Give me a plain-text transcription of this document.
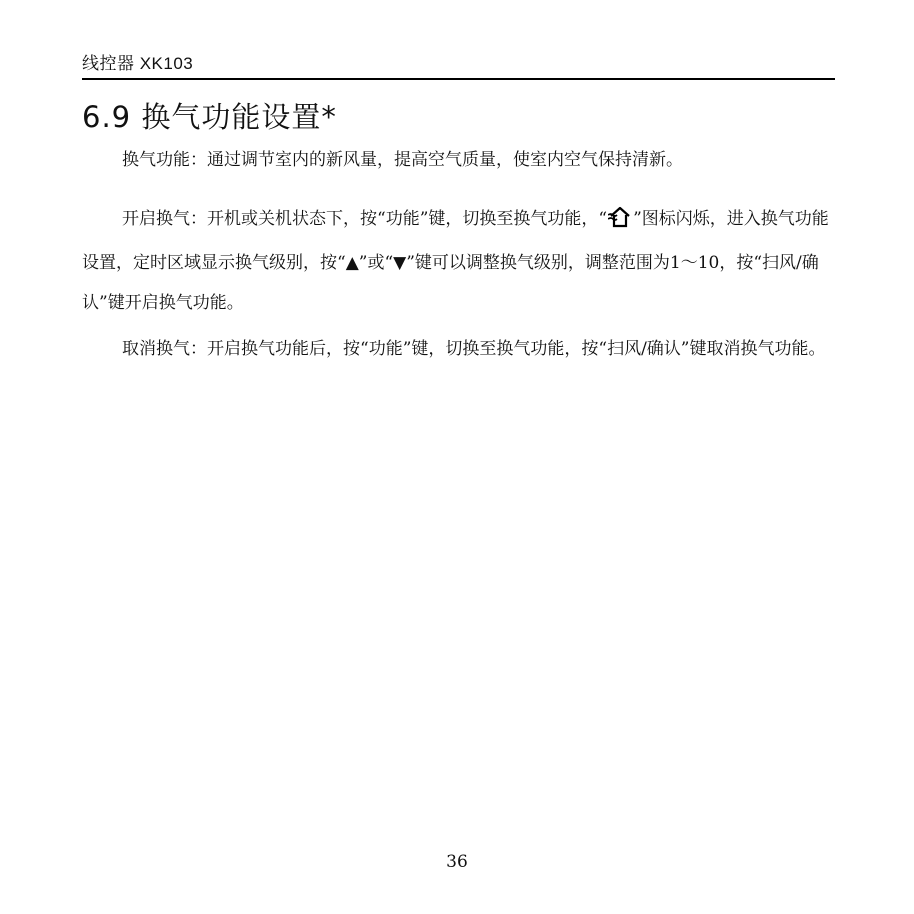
线控器 XK103
6.9 换气功能设置*

换气功能：通过调节室内的新风量，提高空气质量，使室内空气保持清新。

开启换气：开机或关机状态下，按“功能”键，切换至换气功能，“ ”图标闪烁，进入换气功能设置，定时区域显示换气级别，按“▲”或“▼”键可以调整换气级别，调整范围为1～10，按“扫风/确认”键开启换气功能。

取消换气：开启换气功能后，按“功能”键，切换至换气功能，按“扫风/确认”键取消换气功能。

36
